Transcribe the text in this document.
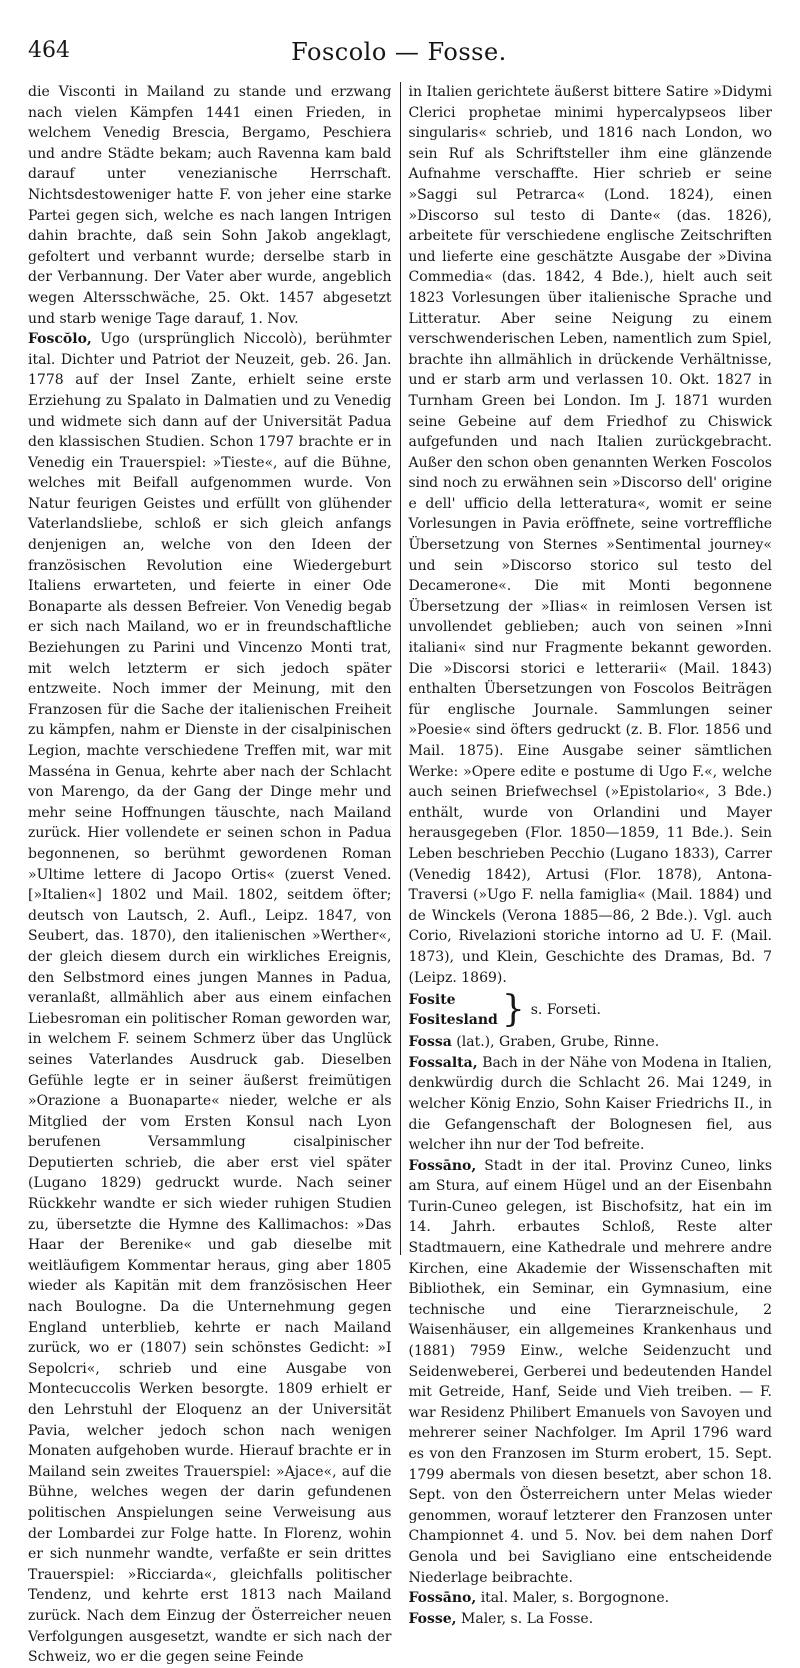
464	Foscolo — Fosse.

die Visconti in Mailand zu stande und erzwang nach vielen Kämpfen 1441 einen Frieden, in welchem Venedig Brescia, Bergamo, Peschiera und andre Städte bekam; auch Ravenna kam bald darauf unter venezianische Herrschaft. Nichtsdestoweniger hatte F. von jeher eine starke Partei gegen sich, welche es nach langen Intrigen dahin brachte, daß sein Sohn Jakob angeklagt, gefoltert und verbannt wurde; derselbe starb in der Verbannung. Der Vater aber wurde, angeblich wegen Altersschwäche, 25. Okt. 1457 abgesetzt und starb wenige Tage darauf, 1. Nov.

Foscŏlo, Ugo (ursprünglich Niccolò), berühmter ital. Dichter und Patriot der Neuzeit, geb. 26. Jan. 1778 auf der Insel Zante, erhielt seine erste Erziehung zu Spalato in Dalmatien und zu Venedig und widmete sich dann auf der Universität Padua den klassischen Studien. Schon 1797 brachte er in Venedig ein Trauerspiel: »Tieste«, auf die Bühne, welches mit Beifall aufgenommen wurde. Von Natur feurigen Geistes und erfüllt von glühender Vaterlandsliebe, schloß er sich gleich anfangs denjenigen an, welche von den Ideen der französischen Revolution eine Wiedergeburt Italiens erwarteten, und feierte in einer Ode Bonaparte als dessen Befreier. Von Venedig begab er sich nach Mailand, wo er in freundschaftliche Beziehungen zu Parini und Vincenzo Monti trat, mit welch letzterm er sich jedoch später entzweite. Noch immer der Meinung, mit den Franzosen für die Sache der italienischen Freiheit zu kämpfen, nahm er Dienste in der cisalpinischen Legion, machte verschiedene Treffen mit, war mit Masséna in Genua, kehrte aber nach der Schlacht von Marengo, da der Gang der Dinge mehr und mehr seine Hoffnungen täuschte, nach Mailand zurück. Hier vollendete er seinen schon in Padua begonnenen, so berühmt gewordenen Roman »Ultime lettere di Jacopo Ortis« (zuerst Vened. [»Italien«] 1802 und Mail. 1802, seitdem öfter; deutsch von Lautsch, 2. Aufl., Leipz. 1847, von Seubert, das. 1870), den italienischen »Werther«, der gleich diesem durch ein wirkliches Ereignis, den Selbstmord eines jungen Mannes in Padua, veranlaßt, allmählich aber aus einem einfachen Liebesroman ein politischer Roman geworden war, in welchem F. seinem Schmerz über das Unglück seines Vaterlandes Ausdruck gab. Dieselben Gefühle legte er in seiner äußerst freimütigen »Orazione a Buonaparte« nieder, welche er als Mitglied der vom Ersten Konsul nach Lyon berufenen Versammlung cisalpinischer Deputierten schrieb, die aber erst viel später (Lugano 1829) gedruckt wurde. Nach seiner Rückkehr wandte er sich wieder ruhigen Studien zu, übersetzte die Hymne des Kallimachos: »Das Haar der Berenike« und gab dieselbe mit weitläufigem Kommentar heraus, ging aber 1805 wieder als Kapitän mit dem französischen Heer nach Boulogne. Da die Unternehmung gegen England unterblieb, kehrte er nach Mailand zurück, wo er (1807) sein schönstes Gedicht: »I Sepolcri«, schrieb und eine Ausgabe von Montecuccolis Werken besorgte. 1809 erhielt er den Lehrstuhl der Eloquenz an der Universität Pavia, welcher jedoch schon nach wenigen Monaten aufgehoben wurde. Hierauf brachte er in Mailand sein zweites Trauerspiel: »Ajace«, auf die Bühne, welches wegen der darin gefundenen politischen Anspielungen seine Verweisung aus der Lombardei zur Folge hatte. In Florenz, wohin er sich nunmehr wandte, verfaßte er sein drittes Trauerspiel: »Ricciarda«, gleichfalls politischer Tendenz, und kehrte erst 1813 nach Mailand zurück. Nach dem Einzug der Österreicher neuen Verfolgungen ausgesetzt, wandte er sich nach der Schweiz, wo er die gegen seine Feinde

in Italien gerichtete äußerst bittere Satire »Didymi Clerici prophetae minimi hypercalypseos liber singularis« schrieb, und 1816 nach London, wo sein Ruf als Schriftsteller ihm eine glänzende Aufnahme verschaffte. Hier schrieb er seine »Saggi sul Petrarca« (Lond. 1824), einen »Discorso sul testo di Dante« (das. 1826), arbeitete für verschiedene englische Zeitschriften und lieferte eine geschätzte Ausgabe der »Divina Commedia« (das. 1842, 4 Bde.), hielt auch seit 1823 Vorlesungen über italienische Sprache und Litteratur. Aber seine Neigung zu einem verschwenderischen Leben, namentlich zum Spiel, brachte ihn allmählich in drückende Verhältnisse, und er starb arm und verlassen 10. Okt. 1827 in Turnham Green bei London. Im J. 1871 wurden seine Gebeine auf dem Friedhof zu Chiswick aufgefunden und nach Italien zurückgebracht. Außer den schon oben genannten Werken Foscolos sind noch zu erwähnen sein »Discorso dell' origine e dell' ufficio della letteratura«, womit er seine Vorlesungen in Pavia eröffnete, seine vortreffliche Übersetzung von Sternes »Sentimental journey« und sein »Discorso storico sul testo del Decamerone«. Die mit Monti begonnene Übersetzung der »Ilias« in reimlosen Versen ist unvollendet geblieben; auch von seinen »Inni italiani« sind nur Fragmente bekannt geworden. Die »Discorsi storici e letterarii« (Mail. 1843) enthalten Übersetzungen von Foscolos Beiträgen für englische Journale. Sammlungen seiner »Poesie« sind öfters gedruckt (z. B. Flor. 1856 und Mail. 1875). Eine Ausgabe seiner sämtlichen Werke: »Opere edite e postume di Ugo F.«, welche auch seinen Briefwechsel (»Epistolario«, 3 Bde.) enthält, wurde von Orlandini und Mayer herausgegeben (Flor. 1850—1859, 11 Bde.). Sein Leben beschrieben Pecchio (Lugano 1833), Carrer (Venedig 1842), Artusi (Flor. 1878), Antona-Traversi (»Ugo F. nella famiglia« (Mail. 1884) und de Winckels (Verona 1885—86, 2 Bde.). Vgl. auch Corio, Rivelazioni storiche intorno ad U. F. (Mail. 1873), und Klein, Geschichte des Dramas, Bd. 7 (Leipz. 1869).

Fosite
Fositesland } s. Forseti.

Fossa (lat.), Graben, Grube, Rinne.

Fossalta, Bach in der Nähe von Modena in Italien, denkwürdig durch die Schlacht 26. Mai 1249, in welcher König Enzio, Sohn Kaiser Friedrichs II., in die Gefangenschaft der Bolognesen fiel, aus welcher ihn nur der Tod befreite.

Fossāno, Stadt in der ital. Provinz Cuneo, links am Stura, auf einem Hügel und an der Eisenbahn Turin-Cuneo gelegen, ist Bischofsitz, hat ein im 14. Jahrh. erbautes Schloß, Reste alter Stadtmauern, eine Kathedrale und mehrere andre Kirchen, eine Akademie der Wissenschaften mit Bibliothek, ein Seminar, ein Gymnasium, eine technische und eine Tierarzneischule, 2 Waisenhäuser, ein allgemeines Krankenhaus und (1881) 7959 Einw., welche Seidenzucht und Seidenweberei, Gerberei und bedeutenden Handel mit Getreide, Hanf, Seide und Vieh treiben. — F. war Residenz Philibert Emanuels von Savoyen und mehrerer seiner Nachfolger. Im April 1796 ward es von den Franzosen im Sturm erobert, 15. Sept. 1799 abermals von diesen besetzt, aber schon 18. Sept. von den Österreichern unter Melas wieder genommen, worauf letzterer den Franzosen unter Championnet 4. und 5. Nov. bei dem nahen Dorf Genola und bei Savigliano eine entscheidende Niederlage beibrachte.

Fossāno, ital. Maler, s. Borgognone.

Fosse, Maler, s. La Fosse.
